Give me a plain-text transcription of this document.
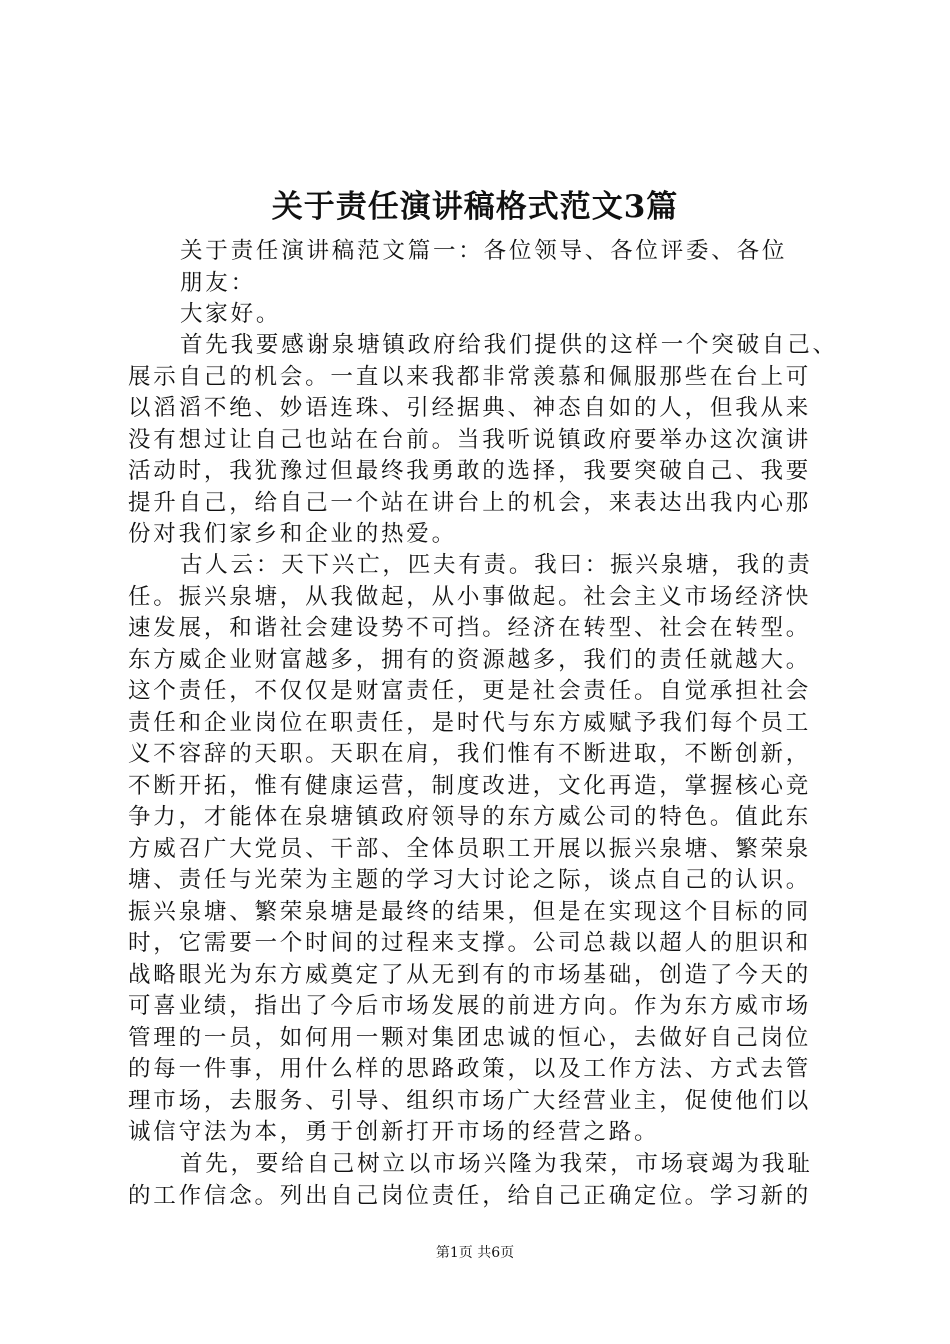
关于责任演讲稿格式范文3篇
关于责任演讲稿范文篇一：各位领导、各位评委、各位
朋友：
大家好。
首先我要感谢泉塘镇政府给我们提供的这样一个突破自己、
展示自己的机会。一直以来我都非常羡慕和佩服那些在台上可
以滔滔不绝、妙语连珠、引经据典、神态自如的人，但我从来
没有想过让自己也站在台前。当我听说镇政府要举办这次演讲
活动时，我犹豫过但最终我勇敢的选择，我要突破自己、我要
提升自己，给自己一个站在讲台上的机会，来表达出我内心那
份对我们家乡和企业的热爱。
古人云：天下兴亡，匹夫有责。我曰：振兴泉塘，我的责
任。振兴泉塘，从我做起，从小事做起。社会主义市场经济快
速发展，和谐社会建设势不可挡。经济在转型、社会在转型。
东方威企业财富越多，拥有的资源越多，我们的责任就越大。
这个责任，不仅仅是财富责任，更是社会责任。自觉承担社会
责任和企业岗位在职责任，是时代与东方威赋予我们每个员工
义不容辞的天职。天职在肩，我们惟有不断进取，不断创新，
不断开拓，惟有健康运营，制度改进，文化再造，掌握核心竞
争力，才能体在泉塘镇政府领导的东方威公司的特色。值此东
方威召广大党员、干部、全体员职工开展以振兴泉塘、繁荣泉
塘、责任与光荣为主题的学习大讨论之际，谈点自己的认识。
振兴泉塘、繁荣泉塘是最终的结果，但是在实现这个目标的同
时，它需要一个时间的过程来支撑。公司总裁以超人的胆识和
战略眼光为东方威奠定了从无到有的市场基础，创造了今天的
可喜业绩，指出了今后市场发展的前进方向。作为东方威市场
管理的一员，如何用一颗对集团忠诚的恒心，去做好自己岗位
的每一件事，用什么样的思路政策，以及工作方法、方式去管
理市场，去服务、引导、组织市场广大经营业主，促使他们以
诚信守法为本，勇于创新打开市场的经营之路。
首先，要给自己树立以市场兴隆为我荣，市场衰竭为我耻
的工作信念。列出自己岗位责任，给自己正确定位。学习新的
第1页 共6页
